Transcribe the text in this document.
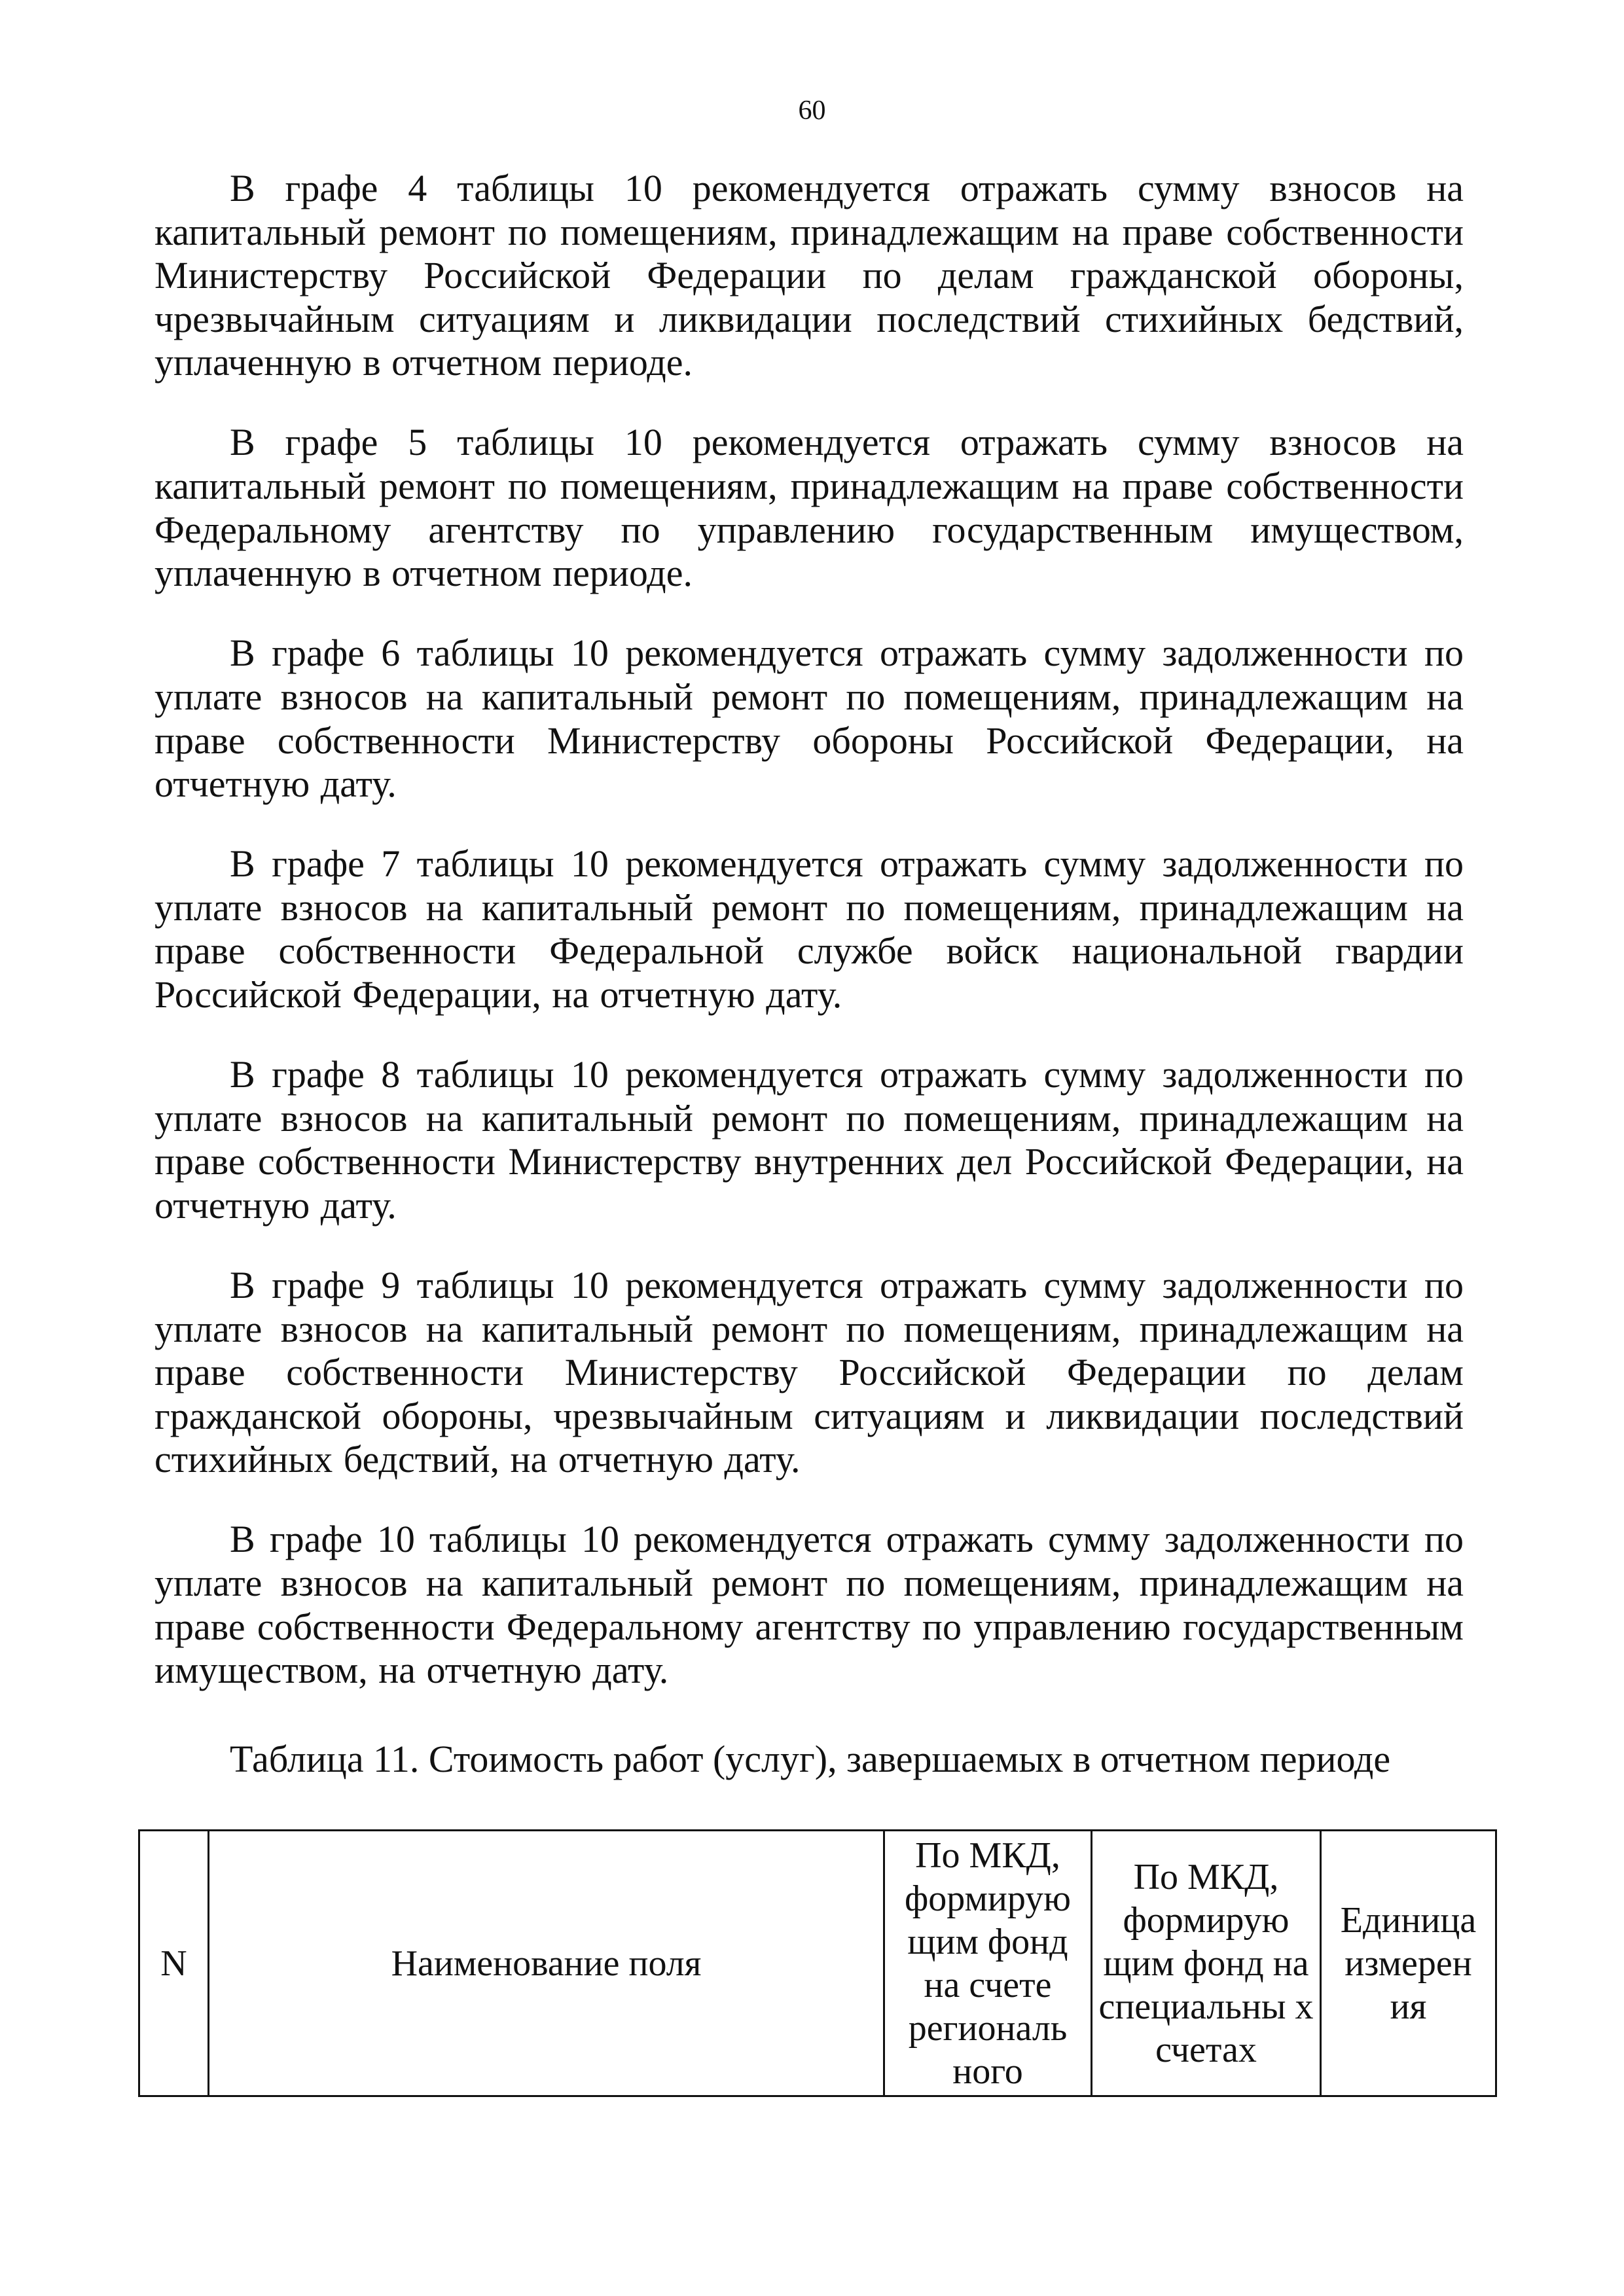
60

В графе 4 таблицы 10 рекомендуется отражать сумму взносов на капитальный ремонт по помещениям, принадлежащим на праве собственности Министерству Российской Федерации по делам гражданской обороны, чрезвычайным ситуациям и ликвидации последствий стихийных бедствий, уплаченную в отчетном периоде.

В графе 5 таблицы 10 рекомендуется отражать сумму взносов на капитальный ремонт по помещениям, принадлежащим на праве собственности Федеральному агентству по управлению государственным имуществом, уплаченную в отчетном периоде.

В графе 6 таблицы 10 рекомендуется отражать сумму задолженности по уплате взносов на капитальный ремонт по помещениям, принадлежащим на праве собственности Министерству обороны Российской Федерации, на отчетную дату.

В графе 7 таблицы 10 рекомендуется отражать сумму задолженности по уплате взносов на капитальный ремонт по помещениям, принадлежащим на праве собственности Федеральной службе войск национальной гвардии Российской Федерации, на отчетную дату.

В графе 8 таблицы 10 рекомендуется отражать сумму задолженности по уплате взносов на капитальный ремонт по помещениям, принадлежащим на праве собственности Министерству внутренних дел Российской Федерации, на отчетную дату.

В графе 9 таблицы 10 рекомендуется отражать сумму задолженности по уплате взносов на капитальный ремонт по помещениям, принадлежащим на праве собственности Министерству Российской Федерации по делам гражданской обороны, чрезвычайным ситуациям и ликвидации последствий стихийных бедствий, на отчетную дату.

В графе 10 таблицы 10 рекомендуется отражать сумму задолженности по уплате взносов на капитальный ремонт по помещениям, принадлежащим на праве собственности Федеральному агентству по управлению государственным имуществом, на отчетную дату.

Таблица 11. Стоимость работ (услуг), завершаемых в отчетном периоде
N	Наименование поля	По МКД, формирую щим фонд на счете региональ ного	По МКД, формирую щим фонд на специальны х счетах	Единица измерен ия
